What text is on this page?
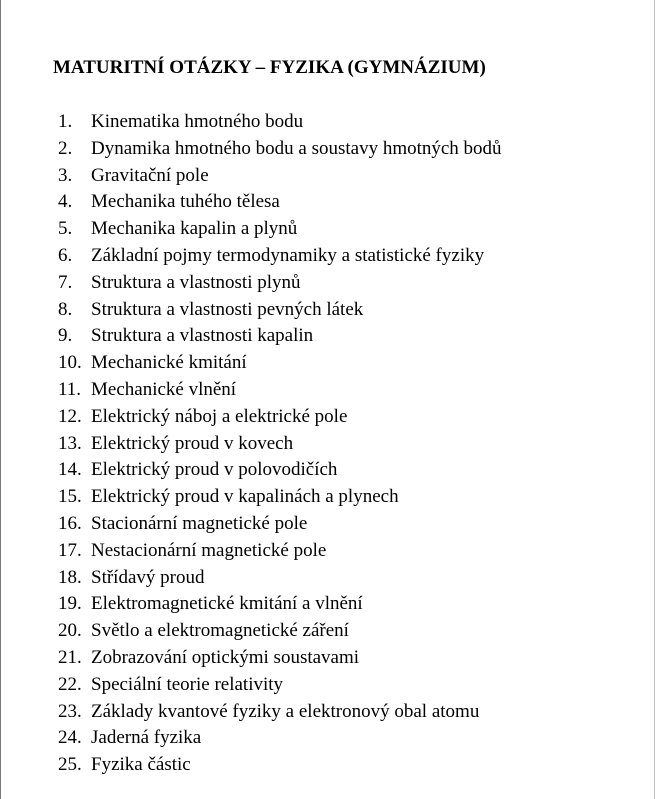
MATURITNÍ OTÁZKY – FYZIKA (GYMNÁZIUM)
1. Kinematika hmotného bodu
2. Dynamika hmotného bodu a soustavy hmotných bodů
3. Gravitační pole
4. Mechanika tuhého tělesa
5. Mechanika kapalin a plynů
6. Základní pojmy termodynamiky a statistické fyziky
7. Struktura a vlastnosti plynů
8. Struktura a vlastnosti pevných látek
9. Struktura a vlastnosti kapalin
10. Mechanické kmitání
11. Mechanické vlnění
12. Elektrický náboj a elektrické pole
13. Elektrický proud v kovech
14. Elektrický proud v polovodičích
15. Elektrický proud v kapalinách a plynech
16. Stacionární magnetické pole
17. Nestacionární magnetické pole
18. Střídavý proud
19. Elektromagnetické kmitání a vlnění
20. Světlo a elektromagnetické záření
21. Zobrazování optickými soustavami
22. Speciální teorie relativity
23. Základy kvantové fyziky a elektronový obal atomu
24. Jaderná fyzika
25. Fyzika částic
